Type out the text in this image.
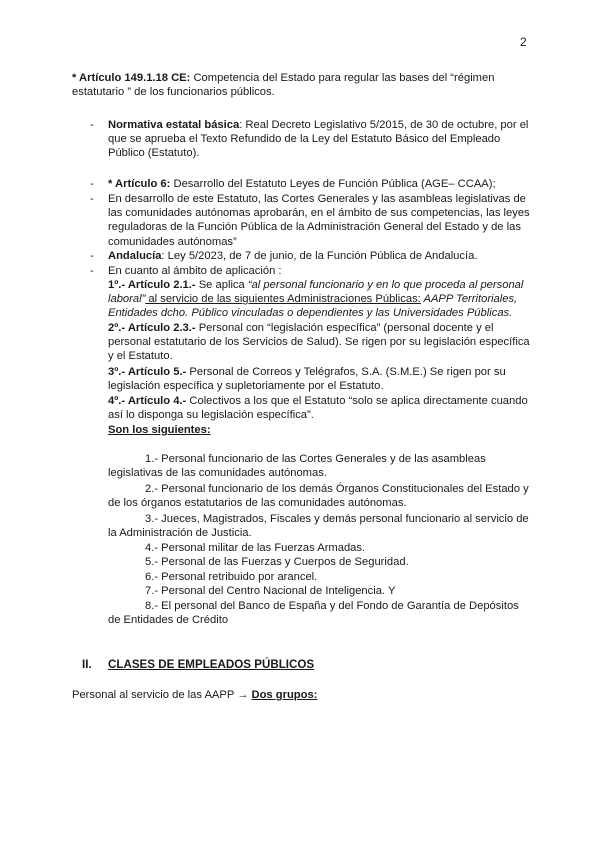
2
* Artículo 149.1.18 CE: Competencia del Estado para regular las bases del “régimen estatutario ” de los funcionarios públicos.
-	Normativa estatal básica: Real Decreto Legislativo 5/2015, de 30 de octubre, por el que se aprueba el Texto Refundido de la Ley del Estatuto Básico del Empleado Público (Estatuto).
-	* Artículo 6: Desarrollo del Estatuto Leyes de Función Pública (AGE– CCAA);
-	En desarrollo de este Estatuto, las Cortes Generales y las asambleas legislativas de las comunidades autónomas aprobarán, en el ámbito de sus competencias, las leyes reguladoras de la Función Pública de la Administración General del Estado y de las comunidades autónomas”
-	Andalucía: Ley 5/2023, de 7 de junio, de la Función Pública de Andalucía.
-	En cuanto al ámbito de aplicación :
1º.- Artículo 2.1.- Se aplica “al personal funcionario y en lo que proceda al personal laboral” al servicio de las siguientes Administraciones Públicas: AAPP Territoriales, Entidades dcho. Público vinculadas o dependientes y las Universidades Públicas.
2º.- Artículo 2.3.- Personal con “legislación específica” (personal docente y el personal estatutario de los Servicios de Salud). Se rigen por su legislación específica y el Estatuto.
3º.- Artículo 5.- Personal de Correos y Telégrafos, S.A. (S.M.E.) Se rigen por su legislación específica y supletoriamente por el Estatuto.
4º.- Artículo 4.- Colectivos a los que el Estatuto “solo se aplica directamente cuando así lo disponga su legislación específica”.
Son los siguientes:
1.- Personal funcionario de las Cortes Generales y de las asambleas legislativas de las comunidades autónomas.
2.- Personal funcionario de los demás Órganos Constitucionales del Estado y de los órganos estatutarios de las comunidades autónomas.
3.- Jueces, Magistrados, Fiscales y demás personal funcionario al servicio de la Administración de Justicia.
4.- Personal militar de las Fuerzas Armadas.
5.- Personal de las Fuerzas y Cuerpos de Seguridad.
6.- Personal retribuido por arancel.
7.- Personal del Centro Nacional de Inteligencia. Y
8.- El personal del Banco de España y del Fondo de Garantía de Depósitos de Entidades de Crédito
II. CLASES DE EMPLEADOS PÚBLICOS
Personal al servicio de las AAPP → Dos grupos:
